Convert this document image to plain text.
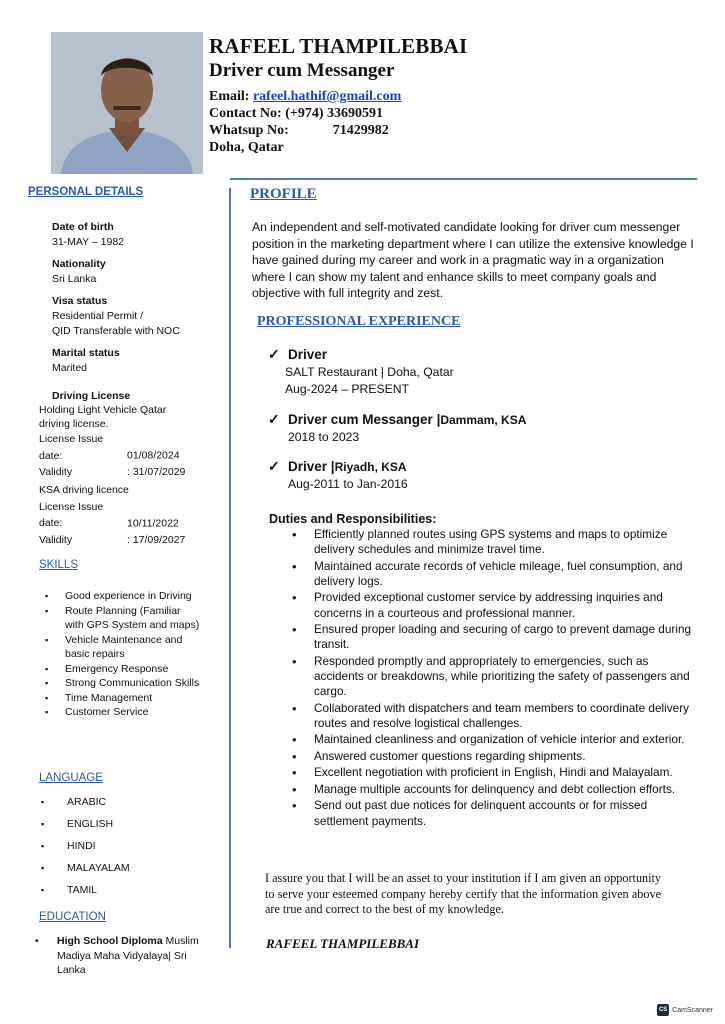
RAFEEL THAMPILEBBAI
Driver cum Messanger
Email: rafeel.hathif@gmail.com
Contact No: (+974) 33690591
Whatsup No:	71429982
Doha, Qatar
PERSONAL DETAILS
Date of birth
31-MAY – 1982
Nationality
Sri Lanka
Visa status
Residential Permit /
QID Transferable with NOC
Marital status
Marited
Driving License
Holding Light Vehicle Qatar
driving license.
License Issue date:	01/08/2024
Validity	: 31/07/2029
KSA driving licence
License Issue date:	10/11/2022
Validity	: 17/09/2027
SKILLS
▪ Good experience in Driving
▪ Route Planning (Familiar with GPS System and maps)
▪ Vehicle Maintenance and basic repairs
▪ Emergency Response
▪ Strong Communication Skills
▪ Time Management
▪ Customer Service
LANGUAGE
▪ ARABIC
▪ ENGLISH
▪ HINDI
▪ MALAYALAM
▪ TAMIL
EDUCATION
• High School Diploma Muslim Madiya Maha Vidyalaya| Sri Lanka
PROFILE
An independent and self-motivated candidate looking for driver cum messenger position in the marketing department where I can utilize the extensive knowledge I have gained during my career and work in a pragmatic way in a organization where I can show my talent and enhance skills to meet company goals and objective with full integrity and zest.
PROFESSIONAL EXPERIENCE
✓ Driver
SALT Restaurant | Doha, Qatar
Aug-2024 – PRESENT
✓ Driver cum Messanger |Dammam, KSA
2018 to 2023
✓ Driver |Riyadh, KSA
Aug-2011 to Jan-2016
Duties and Responsibilities:
• Efficiently planned routes using GPS systems and maps to optimize delivery schedules and minimize travel time.
• Maintained accurate records of vehicle mileage, fuel consumption, and delivery logs.
• Provided exceptional customer service by addressing inquiries and concerns in a courteous and professional manner.
• Ensured proper loading and securing of cargo to prevent damage during transit.
• Responded promptly and appropriately to emergencies, such as accidents or breakdowns, while prioritizing the safety of passengers and cargo.
• Collaborated with dispatchers and team members to coordinate delivery routes and resolve logistical challenges.
• Maintained cleanliness and organization of vehicle interior and exterior.
• Answered customer questions regarding shipments.
• Excellent negotiation with proficient in English, Hindi and Malayalam.
• Manage multiple accounts for delinquency and debt collection efforts.
• Send out past due notices for delinquent accounts or for missed settlement payments.
I assure you that I will be an asset to your institution if I am given an opportunity to serve your esteemed company hereby certify that the information given above are true and correct to the best of my knowledge.
RAFEEL THAMPILEBBAI
CS CamScanner
